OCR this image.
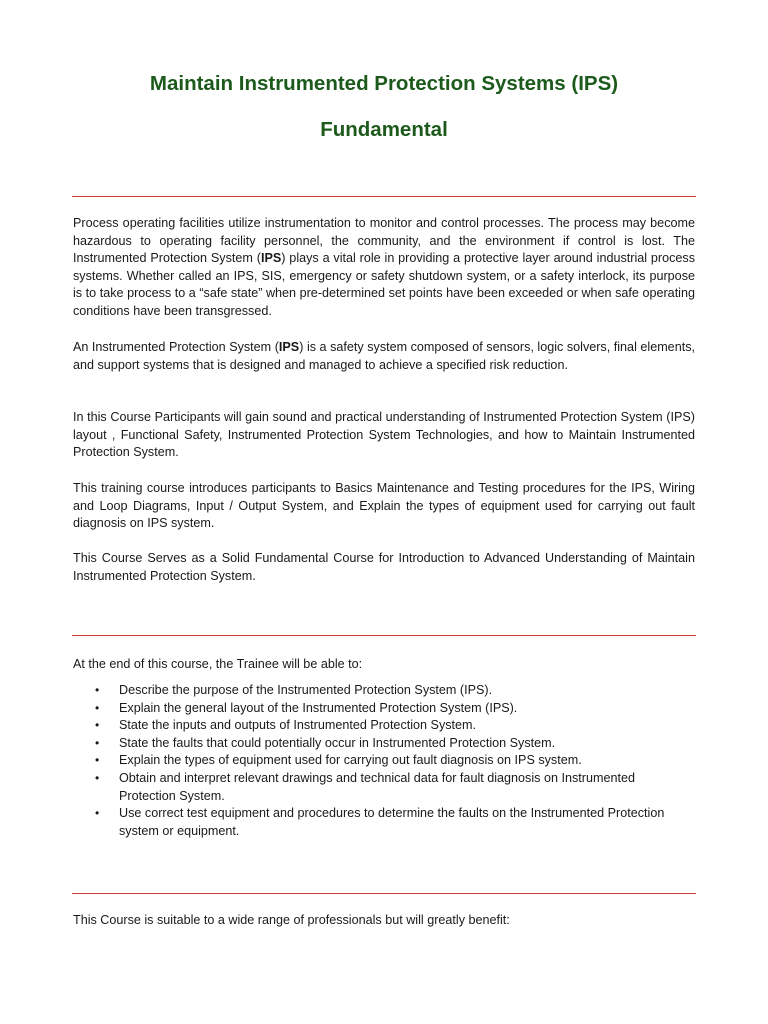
Maintain Instrumented Protection Systems (IPS)
Fundamental

Process operating facilities utilize instrumentation to monitor and control processes. The process may become hazardous to operating facility personnel, the community, and the environment if control is lost. The Instrumented Protection System (IPS) plays a vital role in providing a protective layer around industrial process systems. Whether called an IPS, SIS, emergency or safety shutdown system, or a safety interlock, its purpose is to take process to a “safe state” when pre-determined set points have been exceeded or when safe operating conditions have been transgressed.

An Instrumented Protection System (IPS) is a safety system composed of sensors, logic solvers, final elements, and support systems that is designed and managed to achieve a specified risk reduction.

In this Course Participants will gain sound and practical understanding of Instrumented Protection System (IPS) layout , Functional Safety, Instrumented Protection System Technologies, and how to Maintain Instrumented Protection System.

This training course introduces participants to Basics Maintenance and Testing procedures for the IPS, Wiring and Loop Diagrams, Input / Output System, and Explain the types of equipment used for carrying out fault diagnosis on IPS system.

This Course Serves as a Solid Fundamental Course for Introduction to Advanced Understanding of Maintain Instrumented Protection System.

At the end of this course, the Trainee will be able to:

• Describe the purpose of the Instrumented Protection System (IPS).
• Explain the general layout of the Instrumented Protection System (IPS).
• State the inputs and outputs of Instrumented Protection System.
• State the faults that could potentially occur in Instrumented Protection System.
• Explain the types of equipment used for carrying out fault diagnosis on IPS system.
• Obtain and interpret relevant drawings and technical data for fault diagnosis on Instrumented Protection System.
• Use correct test equipment and procedures to determine the faults on the Instrumented Protection system or equipment.

This Course is suitable to a wide range of professionals but will greatly benefit:
